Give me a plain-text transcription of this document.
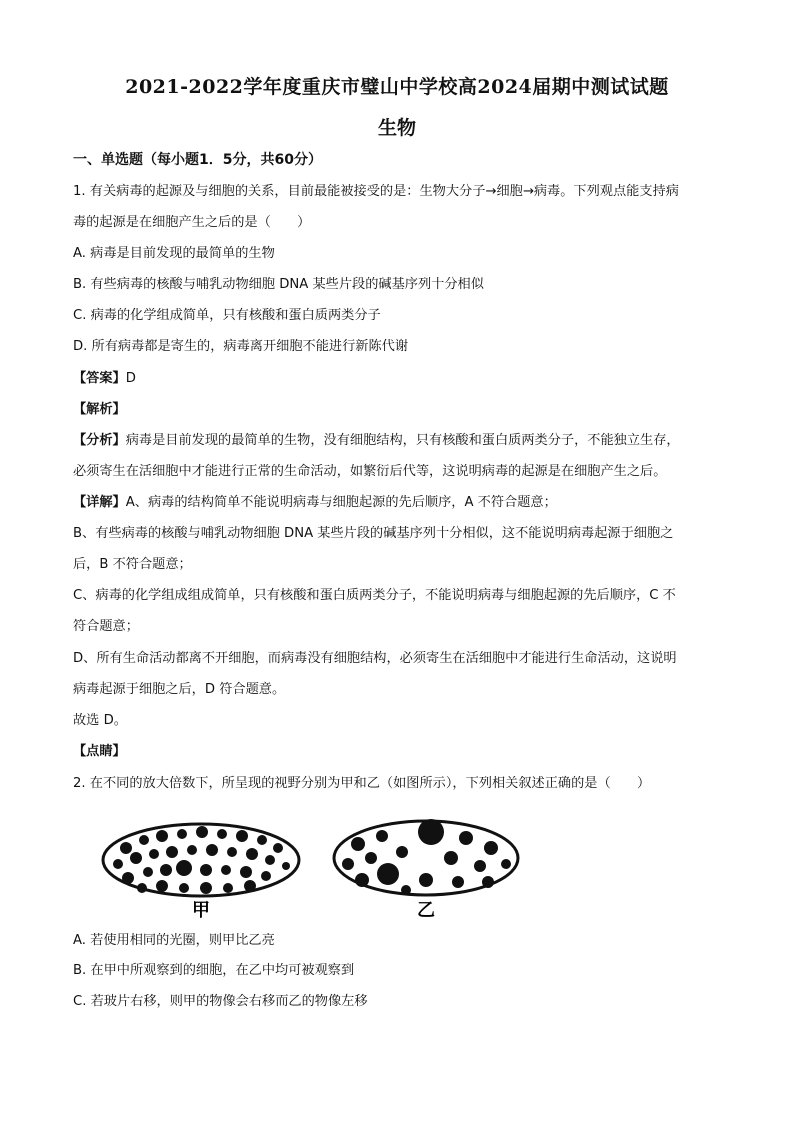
2021-2022学年度重庆市璧山中学校高2024届期中测试试题
生物
一、单选题（每小题1．5分，共60分）
1. 有关病毒的起源及与细胞的关系，目前最能被接受的是：生物大分子→细胞→病毒。下列观点能支持病
毒的起源是在细胞产生之后的是（　　）
A. 病毒是目前发现的最简单的生物
B. 有些病毒的核酸与哺乳动物细胞 DNA 某些片段的碱基序列十分相似
C. 病毒的化学组成简单，只有核酸和蛋白质两类分子
D. 所有病毒都是寄生的，病毒离开细胞不能进行新陈代谢
【答案】D
【解析】
【分析】病毒是目前发现的最简单的生物，没有细胞结构，只有核酸和蛋白质两类分子，不能独立生存，
必须寄生在活细胞中才能进行正常的生命活动，如繁衍后代等，这说明病毒的起源是在细胞产生之后。
【详解】A、病毒的结构简单不能说明病毒与细胞起源的先后顺序，A 不符合题意；
B、有些病毒的核酸与哺乳动物细胞 DNA 某些片段的碱基序列十分相似，这不能说明病毒起源于细胞之
后，B 不符合题意；
C、病毒的化学组成组成简单，只有核酸和蛋白质两类分子，不能说明病毒与细胞起源的先后顺序，C 不
符合题意；
D、所有生命活动都离不开细胞，而病毒没有细胞结构，必须寄生在活细胞中才能进行生命活动，这说明
病毒起源于细胞之后，D 符合题意。
故选 D。
【点睛】
2. 在不同的放大倍数下，所呈现的视野分别为甲和乙（如图所示），下列相关叙述正确的是（　　）
甲	乙
A. 若使用相同的光圈，则甲比乙亮
B. 在甲中所观察到的细胞，在乙中均可被观察到
C. 若玻片右移，则甲的物像会右移而乙的物像左移
